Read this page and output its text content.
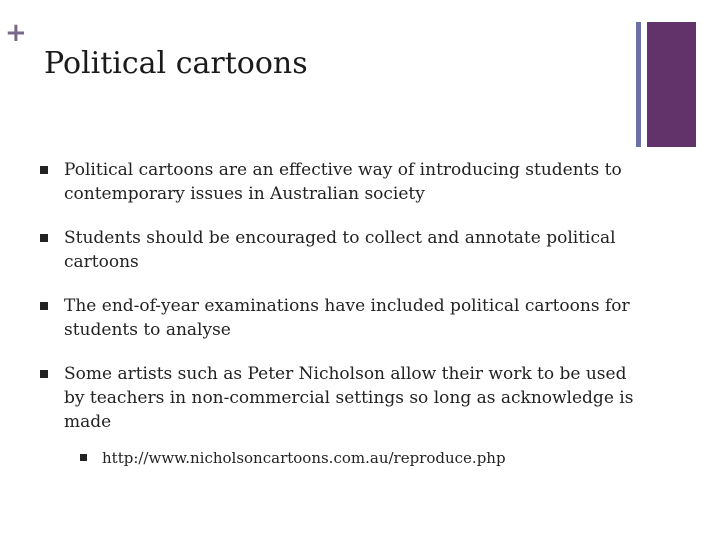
+
Political cartoons
Political cartoons are an effective way of introducing students to contemporary issues in Australian society
Students should be encouraged to collect and annotate political cartoons
The end-of-year examinations have included political cartoons for students to analyse
Some artists such as Peter Nicholson allow their work to be used by teachers in non-commercial settings so long as acknowledge is made
http://www.nicholsoncartoons.com.au/reproduce.php
